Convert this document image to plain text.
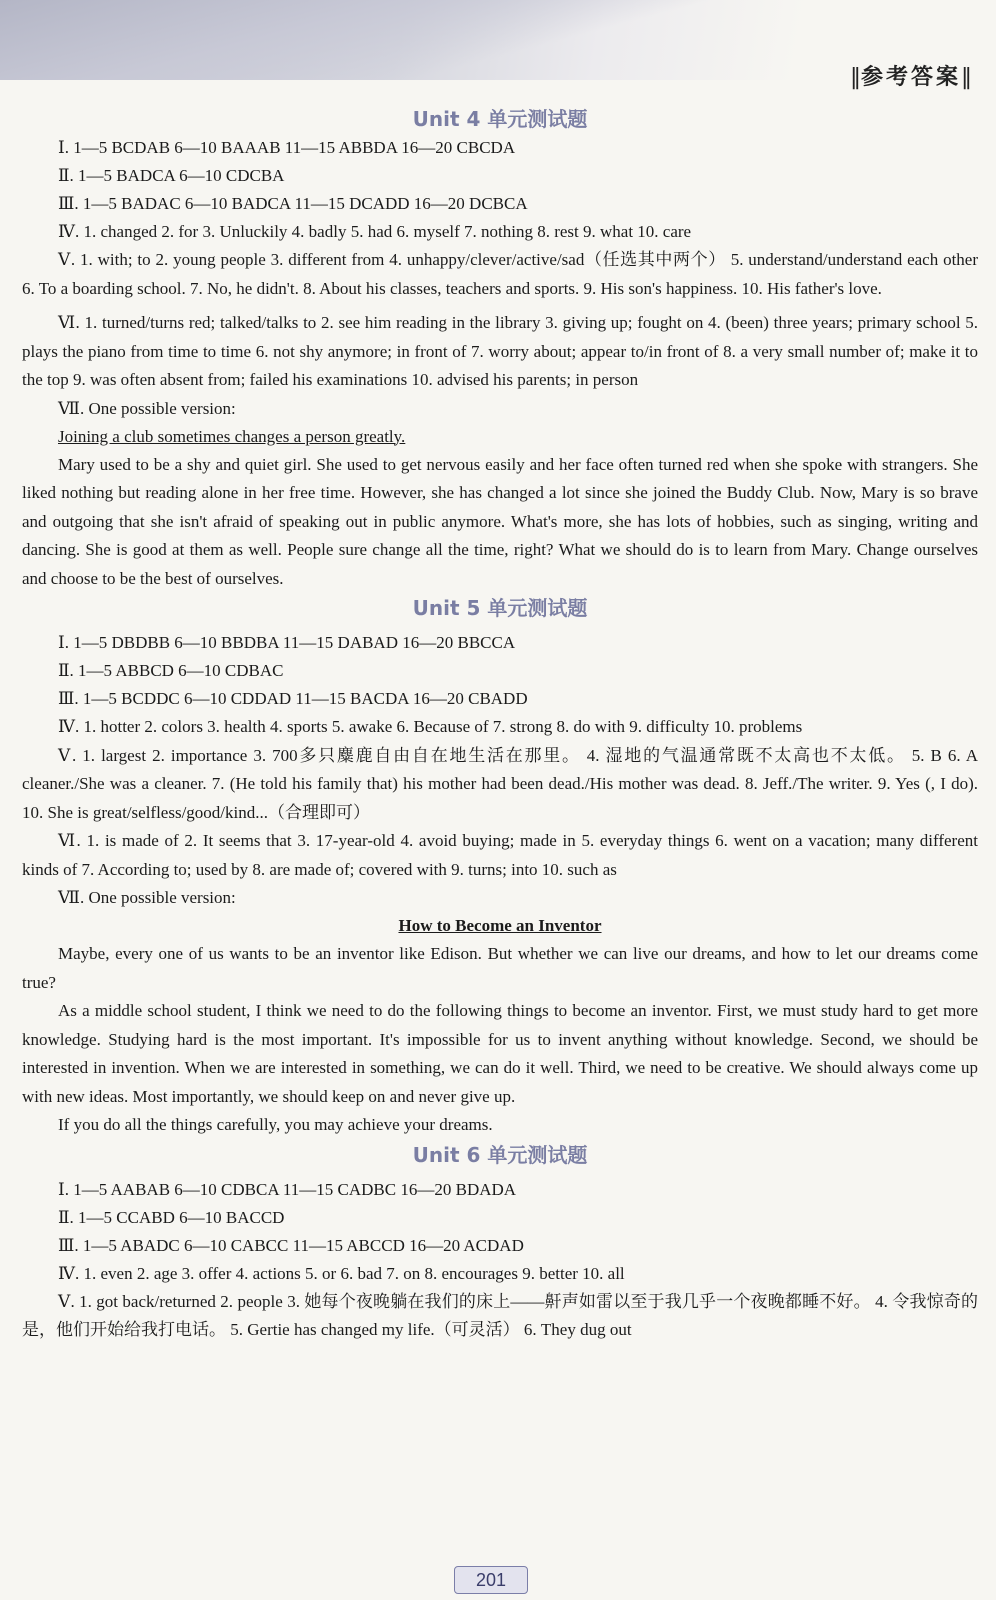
‖参考答案‖
Unit 4 单元测试题

Ⅰ. 1—5 BCDAB 6—10 BAAAB 11—15 ABBDA 16—20 CBCDA

Ⅱ. 1—5 BADCA 6—10 CDCBA

Ⅲ. 1—5 BADAC 6—10 BADCA 11—15 DCADD 16—20 DCBCA

Ⅳ. 1. changed 2. for 3. Unluckily 4. badly 5. had 6. myself 7. nothing 8. rest 9. what 10. care

Ⅴ. 1. with; to 2. young people 3. different from 4. unhappy/clever/active/sad（任选其中两个） 5. understand/understand each other 6. To a boarding school. 7. No, he didn't. 8. About his classes, teachers and sports. 9. His son's happiness. 10. His father's love.

Ⅵ. 1. turned/turns red; talked/talks to 2. see him reading in the library 3. giving up; fought on 4. (been) three years; primary school 5. plays the piano from time to time 6. not shy anymore; in front of 7. worry about; appear to/in front of 8. a very small number of; make it to the top 9. was often absent from; failed his examinations 10. advised his parents; in person

Ⅶ. One possible version:

Joining a club sometimes changes a person greatly.

Mary used to be a shy and quiet girl. She used to get nervous easily and her face often turned red when she spoke with strangers. She liked nothing but reading alone in her free time. However, she has changed a lot since she joined the Buddy Club. Now, Mary is so brave and outgoing that she isn't afraid of speaking out in public anymore. What's more, she has lots of hobbies, such as singing, writing and dancing. She is good at them as well. People sure change all the time, right? What we should do is to learn from Mary. Change ourselves and choose to be the best of ourselves.

Unit 5 单元测试题

Ⅰ. 1—5 DBDBB 6—10 BBDBA 11—15 DABAD 16—20 BBCCA

Ⅱ. 1—5 ABBCD 6—10 CDBAC

Ⅲ. 1—5 BCDDC 6—10 CDDAD 11—15 BACDA 16—20 CBADD

Ⅳ. 1. hotter 2. colors 3. health 4. sports 5. awake 6. Because of 7. strong 8. do with 9. difficulty 10. problems

Ⅴ. 1. largest 2. importance 3. 700多只麋鹿自由自在地生活在那里。 4. 湿地的气温通常既不太高也不太低。 5. B 6. A cleaner./She was a cleaner. 7. (He told his family that) his mother had been dead./His mother was dead. 8. Jeff./The writer. 9. Yes (, I do). 10. She is great/selfless/good/kind...（合理即可）

Ⅵ. 1. is made of 2. It seems that 3. 17-year-old 4. avoid buying; made in 5. everyday things 6. went on a vacation; many different kinds of 7. According to; used by 8. are made of; covered with 9. turns; into 10. such as

Ⅶ. One possible version:

How to Become an Inventor

Maybe, every one of us wants to be an inventor like Edison. But whether we can live our dreams, and how to let our dreams come true?

As a middle school student, I think we need to do the following things to become an inventor. First, we must study hard to get more knowledge. Studying hard is the most important. It's impossible for us to invent anything without knowledge. Second, we should be interested in invention. When we are interested in something, we can do it well. Third, we need to be creative. We should always come up with new ideas. Most importantly, we should keep on and never give up.

If you do all the things carefully, you may achieve your dreams.

Unit 6 单元测试题

Ⅰ. 1—5 AABAB 6—10 CDBCA 11—15 CADBC 16—20 BDADA

Ⅱ. 1—5 CCABD 6—10 BACCD

Ⅲ. 1—5 ABADC 6—10 CABCC 11—15 ABCCD 16—20 ACDAD

Ⅳ. 1. even 2. age 3. offer 4. actions 5. or 6. bad 7. on 8. encourages 9. better 10. all

Ⅴ. 1. got back/returned 2. people 3. 她每个夜晚躺在我们的床上——鼾声如雷以至于我几乎一个夜晚都睡不好。 4. 令我惊奇的是，他们开始给我打电话。 5. Gertie has changed my life.（可灵活） 6. They dug out

201
